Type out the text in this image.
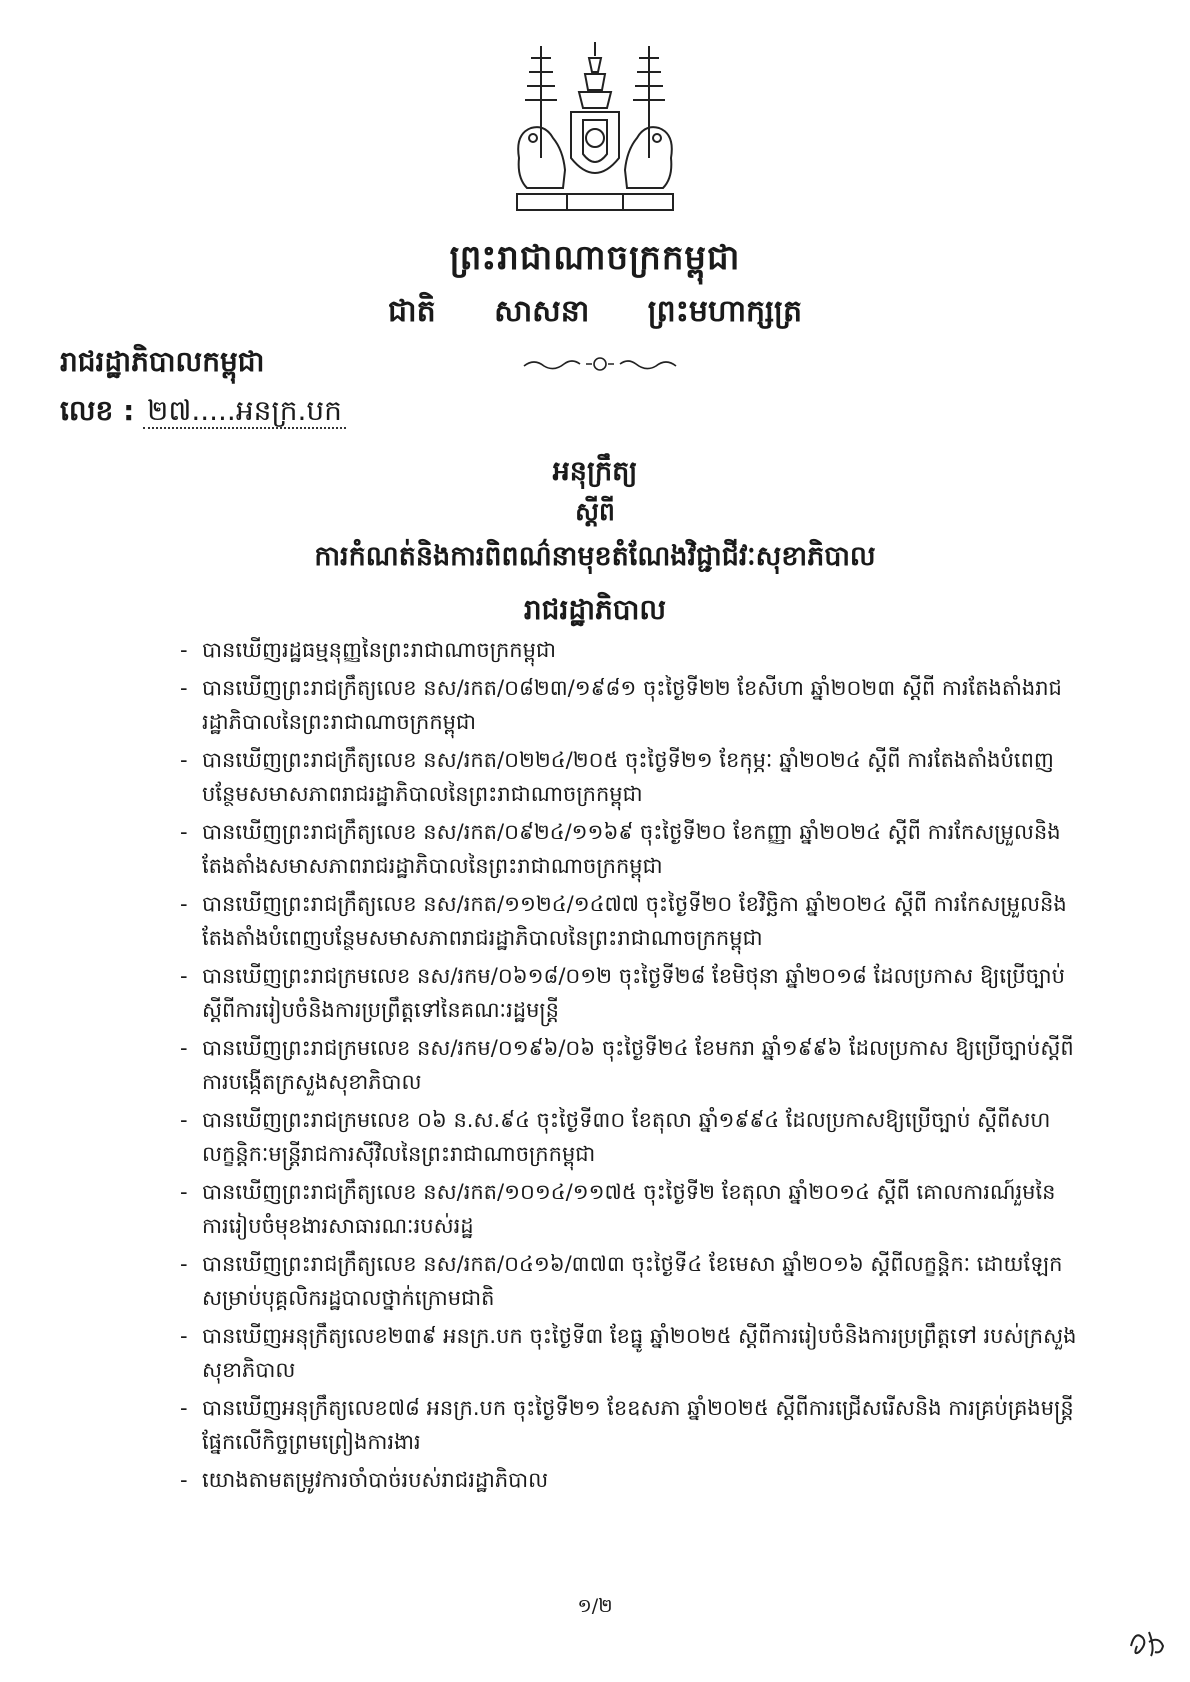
ព្រះរាជាណាចក្រកម្ពុជា
ជាតិ សាសនា ព្រះមហាក្សត្រ
រាជរដ្ឋាភិបាលកម្ពុជា
លេខ : ២៧.....អនក្រ.បក
អនុក្រឹត្យ
ស្តីពី
ការកំណត់និងការពិពណ៌នាមុខតំណែងវិជ្ជាជីវៈសុខាភិបាល
រាជរដ្ឋាភិបាល
- បានឃើញរដ្ឋធម្មនុញ្ញនៃព្រះរាជាណាចក្រកម្ពុជា
- បានឃើញព្រះរាជក្រឹត្យលេខ នស/រកត/០៨២៣/១៩៨១ ចុះថ្ងៃទី២២ ខែសីហា ឆ្នាំ២០២៣ ស្តីពី ការតែងតាំងរាជរដ្ឋាភិបាលនៃព្រះរាជាណាចក្រកម្ពុជា
- បានឃើញព្រះរាជក្រឹត្យលេខ នស/រកត/០២២៤/២០៥ ចុះថ្ងៃទី២១ ខែកុម្ភៈ ឆ្នាំ២០២៤ ស្តីពី ការតែងតាំងបំពេញបន្ថែមសមាសភាពរាជរដ្ឋាភិបាលនៃព្រះរាជាណាចក្រកម្ពុជា
- បានឃើញព្រះរាជក្រឹត្យលេខ នស/រកត/០៩២៤/១១៦៩ ចុះថ្ងៃទី២០ ខែកញ្ញា ឆ្នាំ២០២៤ ស្តីពី ការកែសម្រួលនិងតែងតាំងសមាសភាពរាជរដ្ឋាភិបាលនៃព្រះរាជាណាចក្រកម្ពុជា
- បានឃើញព្រះរាជក្រឹត្យលេខ នស/រកត/១១២៤/១៤៧៧ ចុះថ្ងៃទី២០ ខែវិច្ឆិកា ឆ្នាំ២០២៤ ស្តីពី ការកែសម្រួលនិងតែងតាំងបំពេញបន្ថែមសមាសភាពរាជរដ្ឋាភិបាលនៃព្រះរាជាណាចក្រកម្ពុជា
- បានឃើញព្រះរាជក្រមលេខ នស/រកម/០៦១៨/០១២ ចុះថ្ងៃទី២៨ ខែមិថុនា ឆ្នាំ២០១៨ ដែលប្រកាស ឱ្យប្រើច្បាប់ស្តីពីការរៀបចំនិងការប្រព្រឹត្តទៅនៃគណៈរដ្ឋមន្ត្រី
- បានឃើញព្រះរាជក្រមលេខ នស/រកម/០១៩៦/០៦ ចុះថ្ងៃទី២៤ ខែមករា ឆ្នាំ១៩៩៦ ដែលប្រកាស ឱ្យប្រើច្បាប់ស្តីពីការបង្កើតក្រសួងសុខាភិបាល
- បានឃើញព្រះរាជក្រមលេខ ០៦ ន.ស.៩៤ ចុះថ្ងៃទី៣០ ខែតុលា ឆ្នាំ១៩៩៤ ដែលប្រកាសឱ្យប្រើច្បាប់ ស្តីពីសហលក្ខន្តិកៈមន្ត្រីរាជការស៊ីវិលនៃព្រះរាជាណាចក្រកម្ពុជា
- បានឃើញព្រះរាជក្រឹត្យលេខ នស/រកត/១០១៤/១១៧៥ ចុះថ្ងៃទី២ ខែតុលា ឆ្នាំ២០១៤ ស្តីពី គោលការណ៍រួមនៃការរៀបចំមុខងារសាធារណៈរបស់រដ្ឋ
- បានឃើញព្រះរាជក្រឹត្យលេខ នស/រកត/០៤១៦/៣៧៣ ចុះថ្ងៃទី៤ ខែមេសា ឆ្នាំ២០១៦ ស្តីពីលក្ខន្តិកៈ ដោយឡែកសម្រាប់បុគ្គលិករដ្ឋបាលថ្នាក់ក្រោមជាតិ
- បានឃើញអនុក្រឹត្យលេខ២៣៩ អនក្រ.បក ចុះថ្ងៃទី៣ ខែធ្នូ ឆ្នាំ២០២៥ ស្តីពីការរៀបចំនិងការប្រព្រឹត្តទៅ របស់ក្រសួងសុខាភិបាល
- បានឃើញអនុក្រឹត្យលេខ៧៨ អនក្រ.បក ចុះថ្ងៃទី២១ ខែឧសភា ឆ្នាំ២០២៥ ស្តីពីការជ្រើសរើសនិង ការគ្រប់គ្រងមន្ត្រីផ្នែកលើកិច្ចព្រមព្រៀងការងារ
- យោងតាមតម្រូវការចាំបាច់របស់រាជរដ្ឋាភិបាល
១/២
